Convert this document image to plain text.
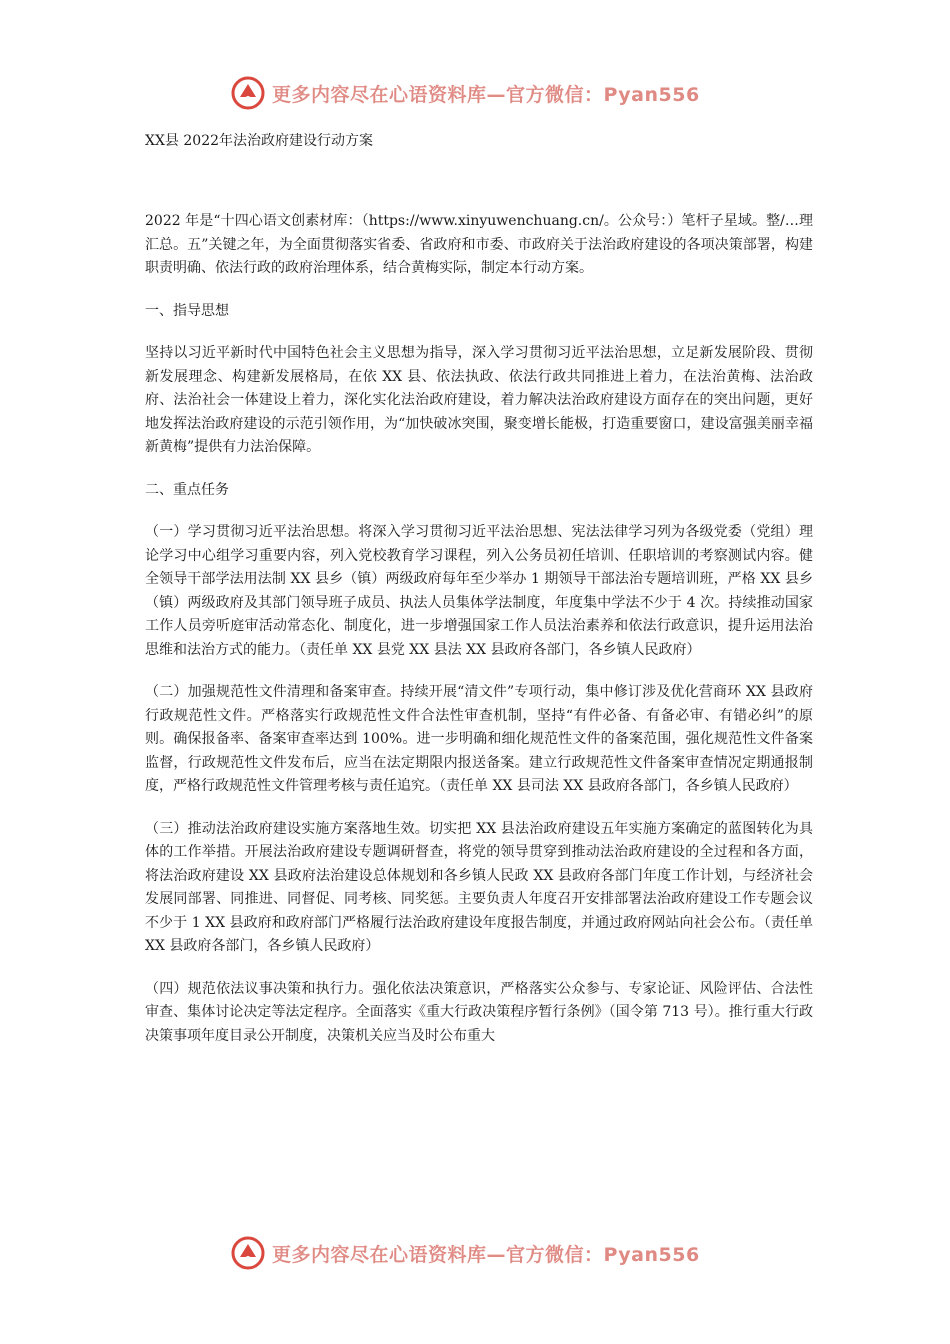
更多内容尽在心语资料库—官方微信：Pyan556
XX县 2022年法治政府建设行动方案

2022 年是“十四心语文创素材库：（https://www.xinyuwenchuang.cn/。公众号：）笔杆子星域。整/…理汇总。五”关键之年，为全面贯彻落实省委、省政府和市委、市政府关于法治政府建设的各项决策部署，构建职责明确、依法行政的政府治理体系，结合黄梅实际，制定本行动方案。

一、指导思想

坚持以习近平新时代中国特色社会主义思想为指导，深入学习贯彻习近平法治思想，立足新发展阶段、贯彻新发展理念、构建新发展格局，在依 XX 县、依法执政、依法行政共同推进上着力，在法治黄梅、法治政府、法治社会一体建设上着力，深化实化法治政府建设，着力解决法治政府建设方面存在的突出问题，更好地发挥法治政府建设的示范引领作用，为“加快破冰突围，聚变增长能极，打造重要窗口，建设富强美丽幸福新黄梅”提供有力法治保障。

二、重点任务

（一）学习贯彻习近平法治思想。将深入学习贯彻习近平法治思想、宪法法律学习列为各级党委（党组）理论学习中心组学习重要内容，列入党校教育学习课程，列入公务员初任培训、任职培训的考察测试内容。健全领导干部学法用法制 XX 县乡（镇）两级政府每年至少举办 1 期领导干部法治专题培训班，严格 XX 县乡（镇）两级政府及其部门领导班子成员、执法人员集体学法制度，年度集中学法不少于 4 次。持续推动国家工作人员旁听庭审活动常态化、制度化，进一步增强国家工作人员法治素养和依法行政意识，提升运用法治思维和法治方式的能力。（责任单 XX 县党 XX 县法 XX 县政府各部门，各乡镇人民政府）

（二）加强规范性文件清理和备案审查。持续开展“清文件”专项行动，集中修订涉及优化营商环 XX 县政府行政规范性文件。严格落实行政规范性文件合法性审查机制，坚持“有件必备、有备必审、有错必纠”的原则。确保报备率、备案审查率达到 100%。进一步明确和细化规范性文件的备案范围，强化规范性文件备案监督，行政规范性文件发布后，应当在法定期限内报送备案。建立行政规范性文件备案审查情况定期通报制度，严格行政规范性文件管理考核与责任追究。（责任单 XX 县司法 XX 县政府各部门，各乡镇人民政府）

（三）推动法治政府建设实施方案落地生效。切实把 XX 县法治政府建设五年实施方案确定的蓝图转化为具体的工作举措。开展法治政府建设专题调研督查，将党的领导贯穿到推动法治政府建设的全过程和各方面，将法治政府建设 XX 县政府法治建设总体规划和各乡镇人民政 XX 县政府各部门年度工作计划，与经济社会发展同部署、同推进、同督促、同考核、同奖惩。主要负责人年度召开安排部署法治政府建设工作专题会议不少于 1 XX 县政府和政府部门严格履行法治政府建设年度报告制度，并通过政府网站向社会公布。（责任单 XX 县政府各部门，各乡镇人民政府）

（四）规范依法议事决策和执行力。强化依法决策意识，严格落实公众参与、专家论证、风险评估、合法性审查、集体讨论决定等法定程序。全面落实《重大行政决策程序暂行条例》（国令第 713 号）。推行重大行政决策事项年度目录公开制度，决策机关应当及时公布重大

更多内容尽在心语资料库—官方微信：Pyan556
